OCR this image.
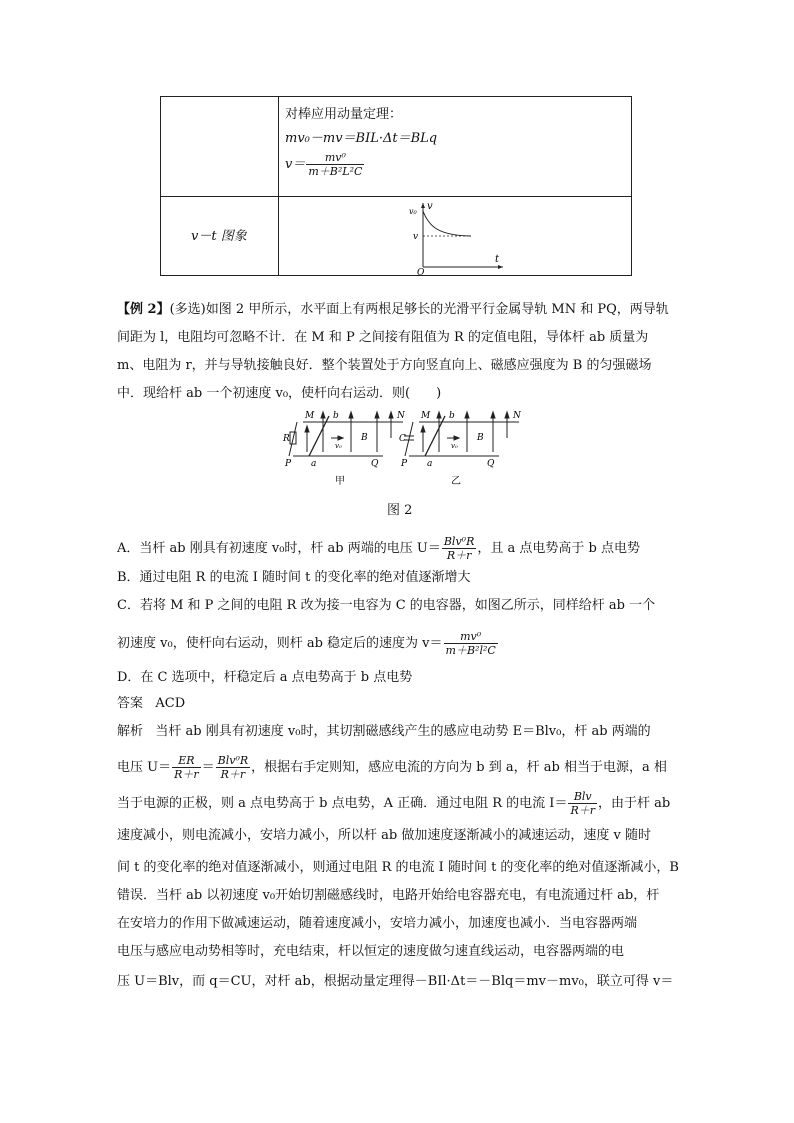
对棒应用动量定理：
mv₀－mv＝BIL·Δt＝BLq
$v= \frac{\text{mv⁰}}{\text{m＋B²L²C}}$
v－t 图象
v
v₀
v
O
t
【例 2】(多选)如图 2 甲所示，水平面上有两根足够长的光滑平行金属导轨 MN 和 PQ，两导轨
间距为 l，电阻均可忽略不计．在 M 和 P 之间接有阻值为 R 的定值电阻，导体杆 ab 质量为
m、电阻为 r，并与导轨接触良好．整个装置处于方向竖直向上、磁感应强度为 B 的匀强磁场
中．现给杆 ab 一个初速度 v₀，使杆向右运动．则(　　)
M	N
P	Q
a
b
R	B
v₀
甲
M	N
P	Q
a
b
C	B
v₀
乙
图 2
A．当杆 ab 刚具有初速度 v₀时，杆 ab 两端的电压 $U= \frac{\text{Blv⁰R}}{R+r}$ ，且 a 点电势高于 b 点电势
B．通过电阻 R 的电流 I 随时间 t 的变化率的绝对值逐渐增大
C．若将 M 和 P 之间的电阻 R 改为接一电容为 C 的电容器，如图乙所示，同样给杆 ab 一个
初速度 v₀，使杆向右运动，则杆 ab 稳定后的速度为 $v= \frac{\text{mv⁰}}{\text{m＋B²l²C}}$
D．在 C 选项中，杆稳定后 a 点电势高于 b 点电势
答案 ACD
解析 当杆 ab 刚具有初速度 v₀时，其切割磁感线产生的感应电动势 E＝Blv₀，杆 ab 两端的
电压 $U= \frac{ER}{R+r} = \frac{\text{Blv⁰R}}{R+r}$ ，根据右手定则知，感应电流的方向为 b 到 a，杆 ab 相当于电源，a 相
当于电源的正极，则 a 点电势高于 b 点电势，A 正确．通过电阻 R 的电流 $I= \frac{\text{Blv}}{R+r}$ ，由于杆 ab
速度减小，则电流减小，安培力减小，所以杆 ab 做加速度逐渐减小的减速运动，速度 v 随时
间 t 的变化率的绝对值逐渐减小，则通过电阻 R 的电流 I 随时间 t 的变化率的绝对值逐渐减小，B
错误．当杆 ab 以初速度 v₀开始切割磁感线时，电路开始给电容器充电，有电流通过杆 ab，杆
在安培力的作用下做减速运动，随着速度减小，安培力减小，加速度也减小．当电容器两端
电压与感应电动势相等时，充电结束，杆以恒定的速度做匀速直线运动，电容器两端的电
压 U＝Blv，而 q＝CU，对杆 ab，根据动量定理得－BIl·Δt＝－Blq＝mv－mv₀，联立可得 v＝
